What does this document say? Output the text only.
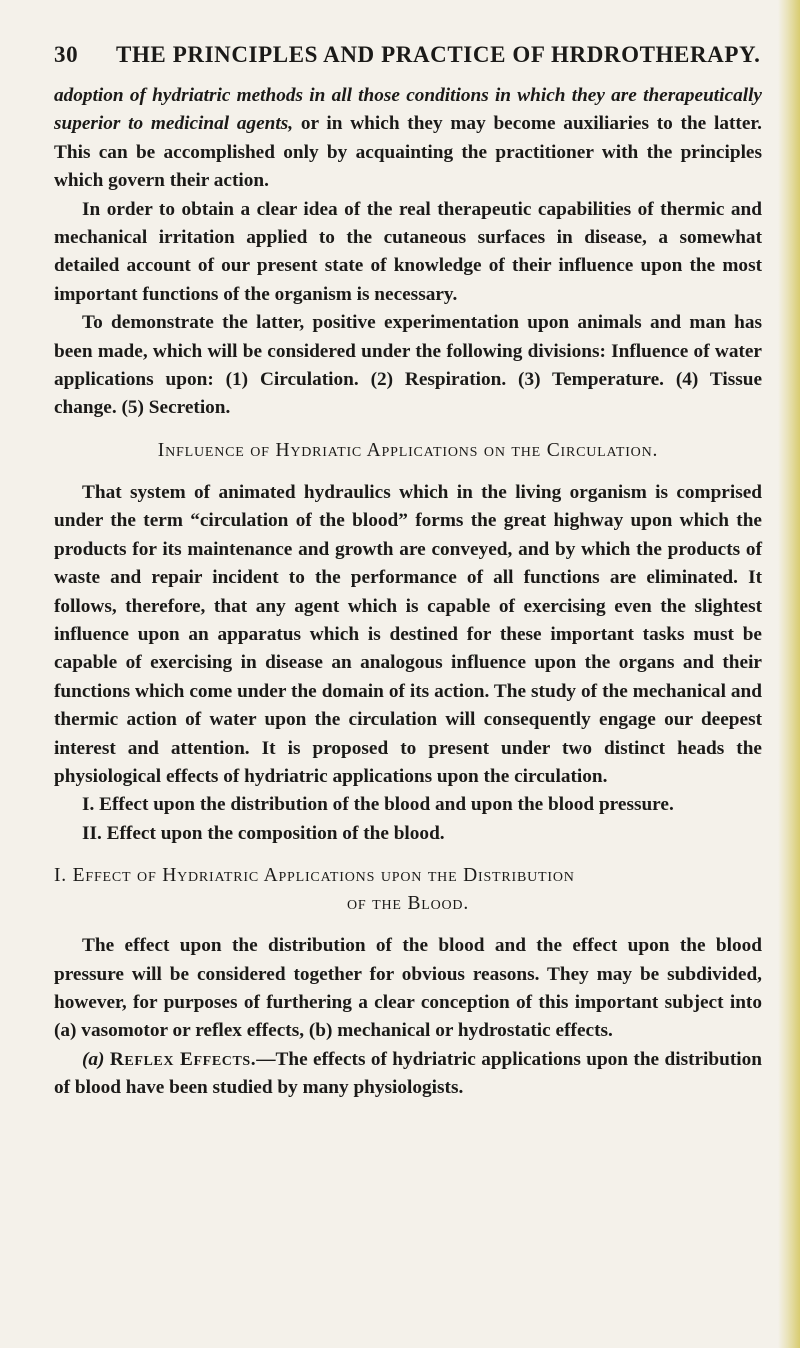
30	THE PRINCIPLES AND PRACTICE OF HRDROTHERAPY.

adoption of hydriatric methods in all those conditions in which they are therapeutically superior to medicinal agents, or in which they may become auxiliaries to the latter. This can be accomplished only by acquainting the practitioner with the principles which govern their action.

In order to obtain a clear idea of the real therapeutic capabilities of thermic and mechanical irritation applied to the cutaneous surfaces in disease, a somewhat detailed account of our present state of knowledge of their influence upon the most important functions of the organism is necessary.

To demonstrate the latter, positive experimentation upon animals and man has been made, which will be considered under the following divisions: Influence of water applications upon: (1) Circulation. (2) Respiration. (3) Temperature. (4) Tissue change. (5) Secretion.

Influence of Hydriatic Applications on the Circulation.

That system of animated hydraulics which in the living organism is comprised under the term “circulation of the blood” forms the great highway upon which the products for its maintenance and growth are conveyed, and by which the products of waste and repair incident to the performance of all functions are eliminated. It follows, therefore, that any agent which is capable of exercising even the slightest influence upon an apparatus which is destined for these important tasks must be capable of exercising in disease an analogous influence upon the organs and their functions which come under the domain of its action. The study of the mechanical and thermic action of water upon the circulation will consequently engage our deepest interest and attention. It is proposed to present under two distinct heads the physiological effects of hydriatric applications upon the circulation.

I. Effect upon the distribution of the blood and upon the blood pressure.

II. Effect upon the composition of the blood.

I. Effect of Hydriatric Applications upon the Distribution
of the Blood.

The effect upon the distribution of the blood and the effect upon the blood pressure will be considered together for obvious reasons. They may be subdivided, however, for purposes of furthering a clear conception of this important subject into (a) vasomotor or reflex effects, (b) mechanical or hydrostatic effects.

(a) Reflex Effects.—The effects of hydriatric applications upon the distribution of blood have been studied by many physiologists.
